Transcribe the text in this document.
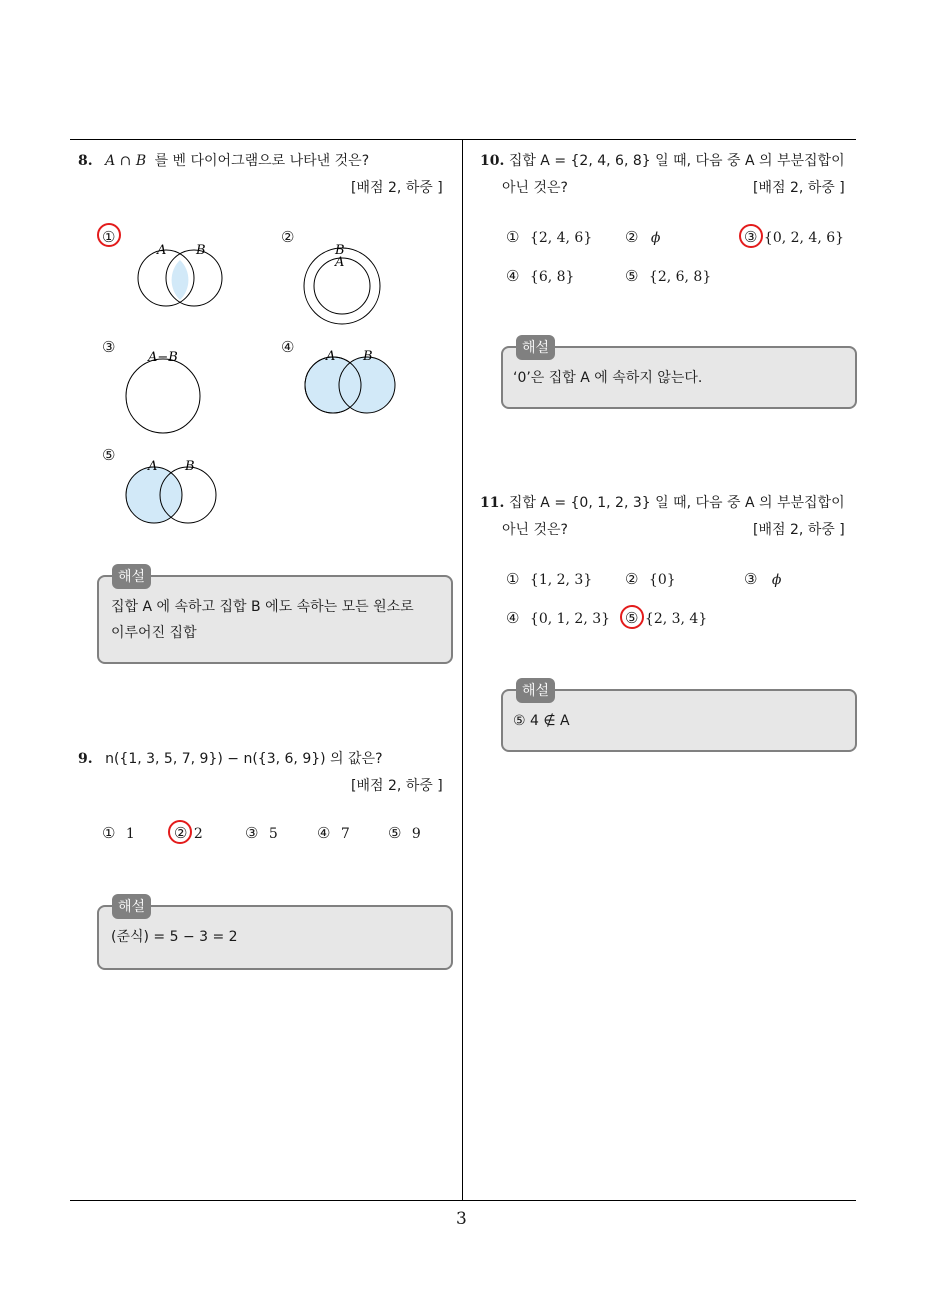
3
8. A ∩ B 를 벤 다이어그램으로 나타낸 것은?
[배점 2, 하중 ]
①
A B
②
B
A
③
A−B
④
A B
⑤
A B
해설
집합 A 에 속하고 집합 B 에도 속하는 모든 원소로
이루어진 집합
9. n({1, 3, 5, 7, 9}) − n({3, 6, 9}) 의 값은?
[배점 2, 하중 ]
① 1	② 2	③ 5	④ 7	⑤ 9
해설
(준식) = 5 − 3 = 2
10. 집합 A = {2, 4, 6, 8} 일 때, 다음 중 A 의 부분집합이
아닌 것은?	[배점 2, 하중 ]
① {2, 4, 6} ② ϕ	③ {0, 2, 4, 6}
④ {6, 8}	⑤ {2, 6, 8}
해설
‘0’은 집합 A 에 속하지 않는다.
11. 집합 A = {0, 1, 2, 3} 일 때, 다음 중 A 의 부분집합이
아닌 것은?	[배점 2, 하중 ]
① {1, 2, 3} ② {0}	③ ϕ
④ {0, 1, 2, 3} ⑤ {2, 3, 4}
해설
⑤ 4 ∉ A
